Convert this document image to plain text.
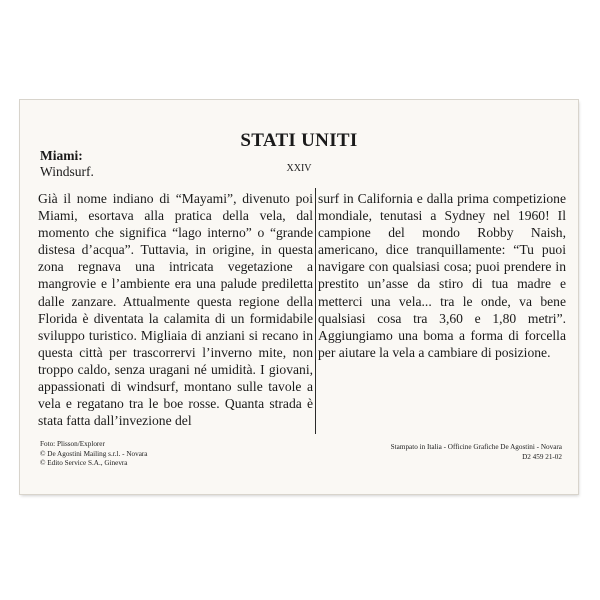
STATI UNITI
XXIV
Miami:
Windsurf.

Già il nome indiano di “Mayami”, divenuto poi Miami, esortava alla pratica della vela, dal momento che significa “lago interno” o “grande distesa d’acqua”. Tuttavia, in origine, in questa zona regnava una intricata vegetazione a mangrovie e l’ambiente era una palude prediletta dalle zanzare. Attualmente questa regione della Florida è diventata la calamita di un formidabile sviluppo turistico. Migliaia di anziani si recano in questa città per trascorrervi l’inverno mite, non troppo caldo, senza uragani né umidità. I giovani, appassionati di windsurf, montano sulle tavole a vela e regatano tra le boe rosse. Quanta strada è stata fatta dall’invezione del

surf in California e dalla prima competizione mondiale, tenutasi a Sydney nel 1960! Il campione del mondo Robby Naish, americano, dice tranquillamente: “Tu puoi navigare con qualsiasi cosa; puoi prendere in prestito un’asse da stiro di tua madre e metterci una vela... tra le onde, va bene qualsiasi cosa tra 3,60 e 1,80 metri”. Aggiungiamo una boma a forma di forcella per aiutare la vela a cambiare di posizione.

Foto: Plisson/Explorer
© De Agostini Mailing s.r.l. - Novara
© Edito Service S.A., Ginevra
Stampato in Italia - Officine Grafiche De Agostini - Novara
D2 459 21-02
